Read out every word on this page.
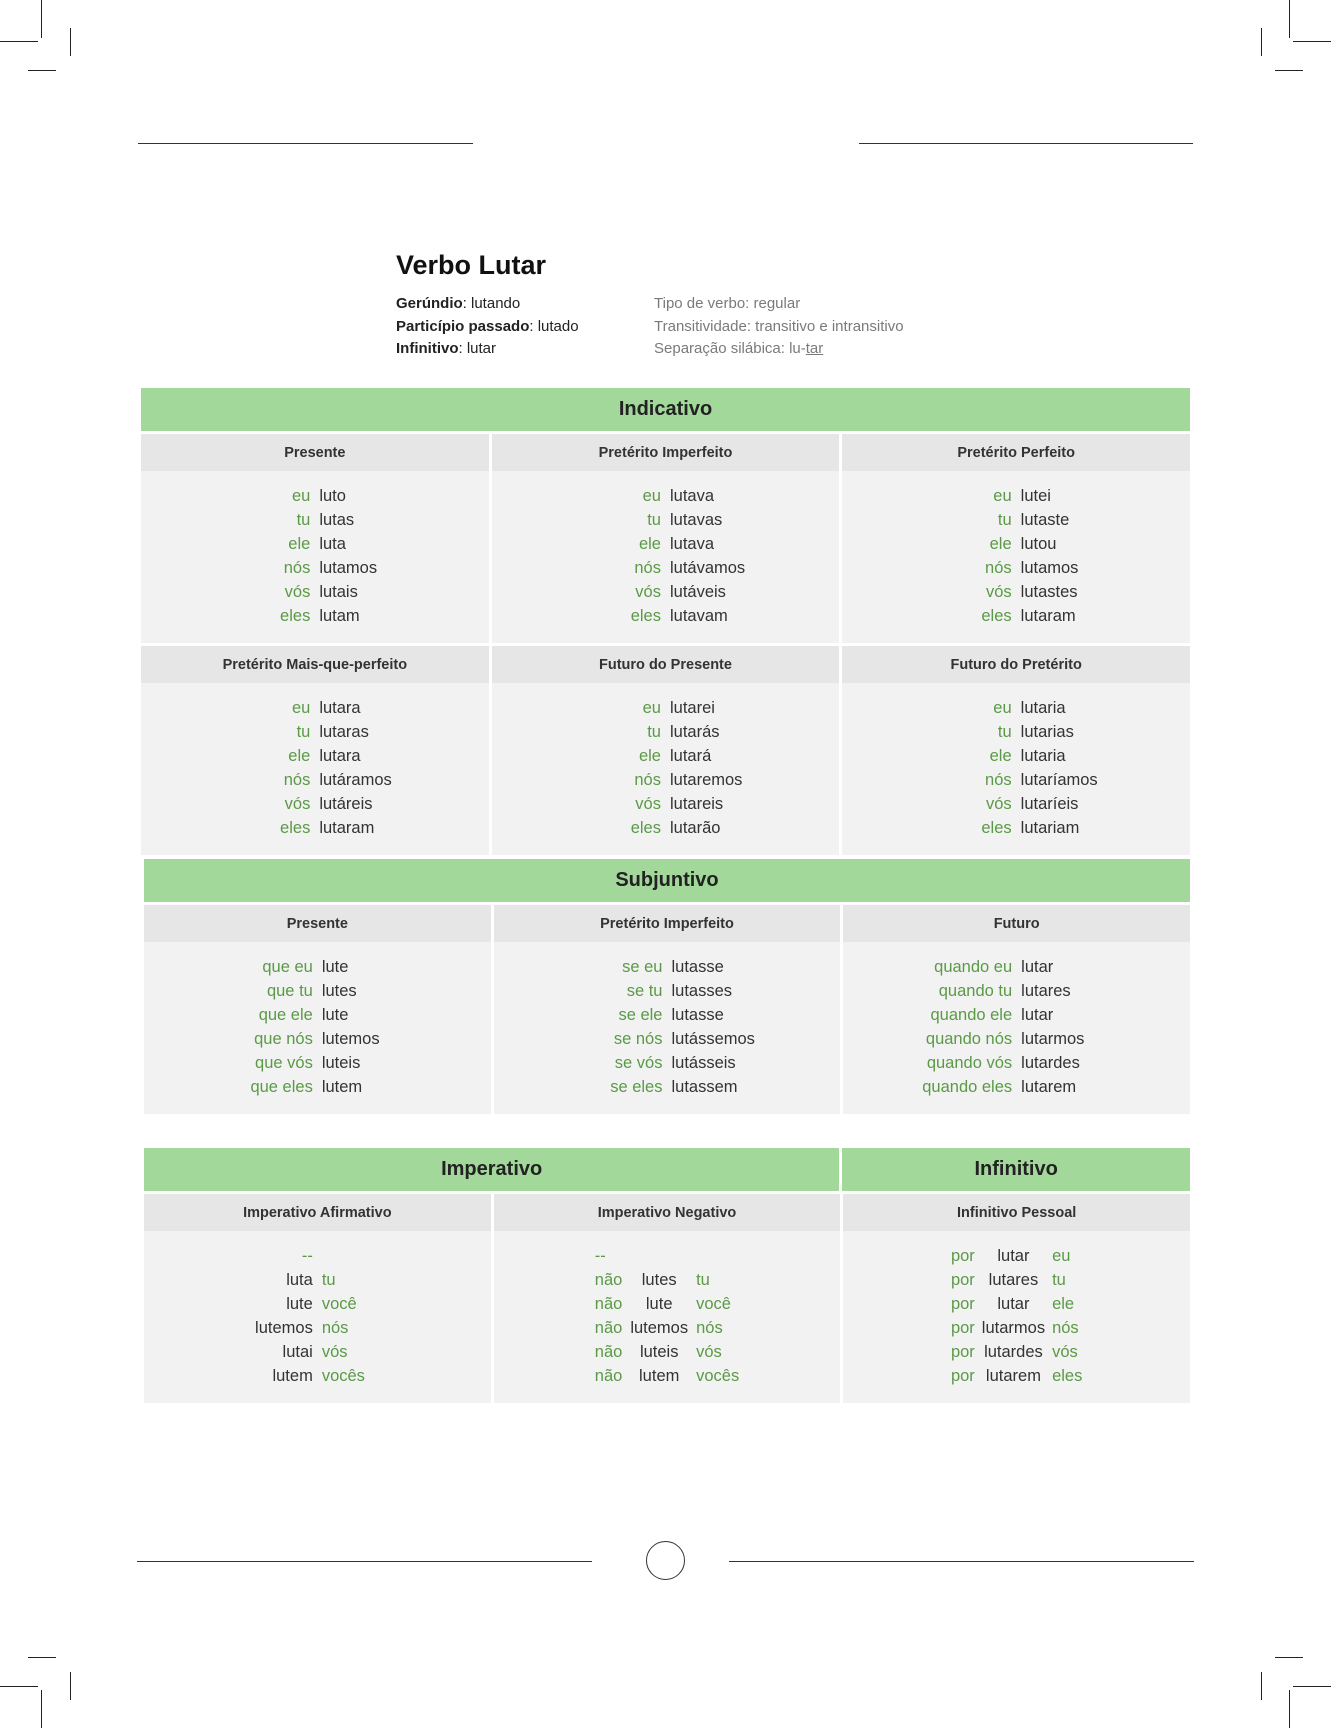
Verbo Lutar
Gerúndio: lutando
Particípio passado: lutado
Infinitivo: lutar
Tipo de verbo: regular
Transitividade: transitivo e intransitivo
Separação silábica: lu-tar
Indicativo
Presente
eu luto
tu lutas
ele luta
nós lutamos
vós lutais
eles lutam
Pretérito Imperfeito
eu lutava
tu lutavas
ele lutava
nós lutávamos
vós lutáveis
eles lutavam
Pretérito Perfeito
eu lutei
tu lutaste
ele lutou
nós lutamos
vós lutastes
eles lutaram
Pretérito Mais-que-perfeito
eu lutara
tu lutaras
ele lutara
nós lutáramos
vós lutáreis
eles lutaram
Futuro do Presente
eu lutarei
tu lutarás
ele lutará
nós lutaremos
vós lutareis
eles lutarão
Futuro do Pretérito
eu lutaria
tu lutarias
ele lutaria
nós lutaríamos
vós lutaríeis
eles lutariam
Subjuntivo
Presente
que eu lute
que tu lutes
que ele lute
que nós lutemos
que vós luteis
que eles lutem
Pretérito Imperfeito
se eu lutasse
se tu lutasses
se ele lutasse
se nós lutássemos
se vós lutásseis
se eles lutassem
Futuro
quando eu lutar
quando tu lutares
quando ele lutar
quando nós lutarmos
quando vós lutardes
quando eles lutarem
Imperativo	Infinitivo
Imperativo Afirmativo
--
luta tu
lute você
lutemos nós
lutai vós
lutem vocês
Imperativo Negativo
--
não	lutes	tu
não	lute	você
não lutemos nós
não	luteis	vós
não	lutem	vocês
Infinitivo Pessoal
por	lutar	eu
por lutares tu
por	lutar	ele
por lutarmos nós
por lutardes vós
por lutarem eles
